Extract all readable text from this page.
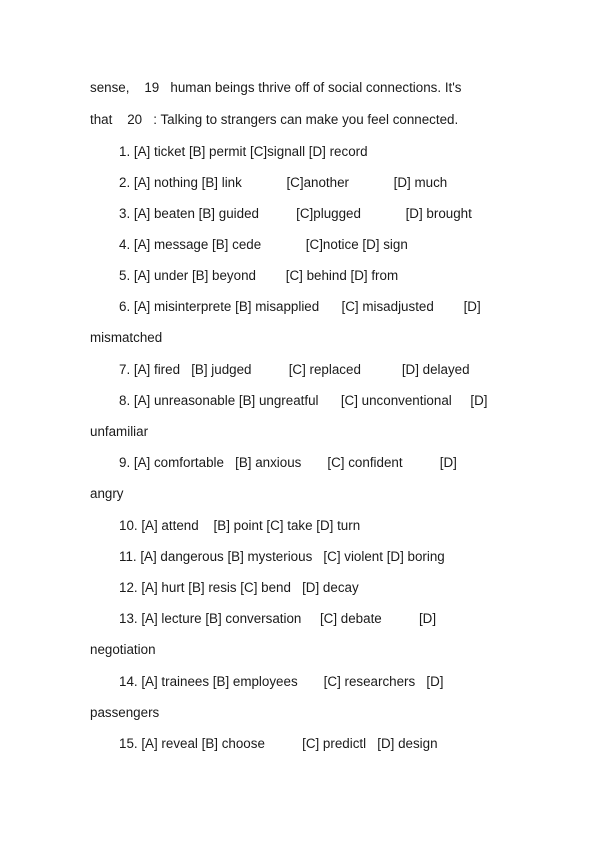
sense,    19   human beings thrive off of social connections. It's
that    20   : Talking to strangers can make you feel connected.
1. [A] ticket [B] permit [C]signall [D] record
2. [A] nothing [B] link            [C]another            [D] much
3. [A] beaten [B] guided          [C]plugged            [D] brought
4. [A] message [B] cede            [C]notice [D] sign
5. [A] under [B] beyond        [C] behind [D] from
6. [A] misinterprete [B] misapplied      [C] misadjusted        [D]
mismatched
7. [A] fired   [B] judged          [C] replaced           [D] delayed
8. [A] unreasonable [B] ungreatful      [C] unconventional     [D]
unfamiliar
9. [A] comfortable   [B] anxious       [C] confident          [D]
angry
10. [A] attend    [B] point [C] take [D] turn
11. [A] dangerous [B] mysterious   [C] violent [D] boring
12. [A] hurt [B] resis [C] bend   [D] decay
13. [A] lecture [B] conversation     [C] debate          [D]
negotiation
14. [A] trainees [B] employees       [C] researchers   [D]
passengers
15. [A] reveal [B] choose          [C] predictl   [D] design
